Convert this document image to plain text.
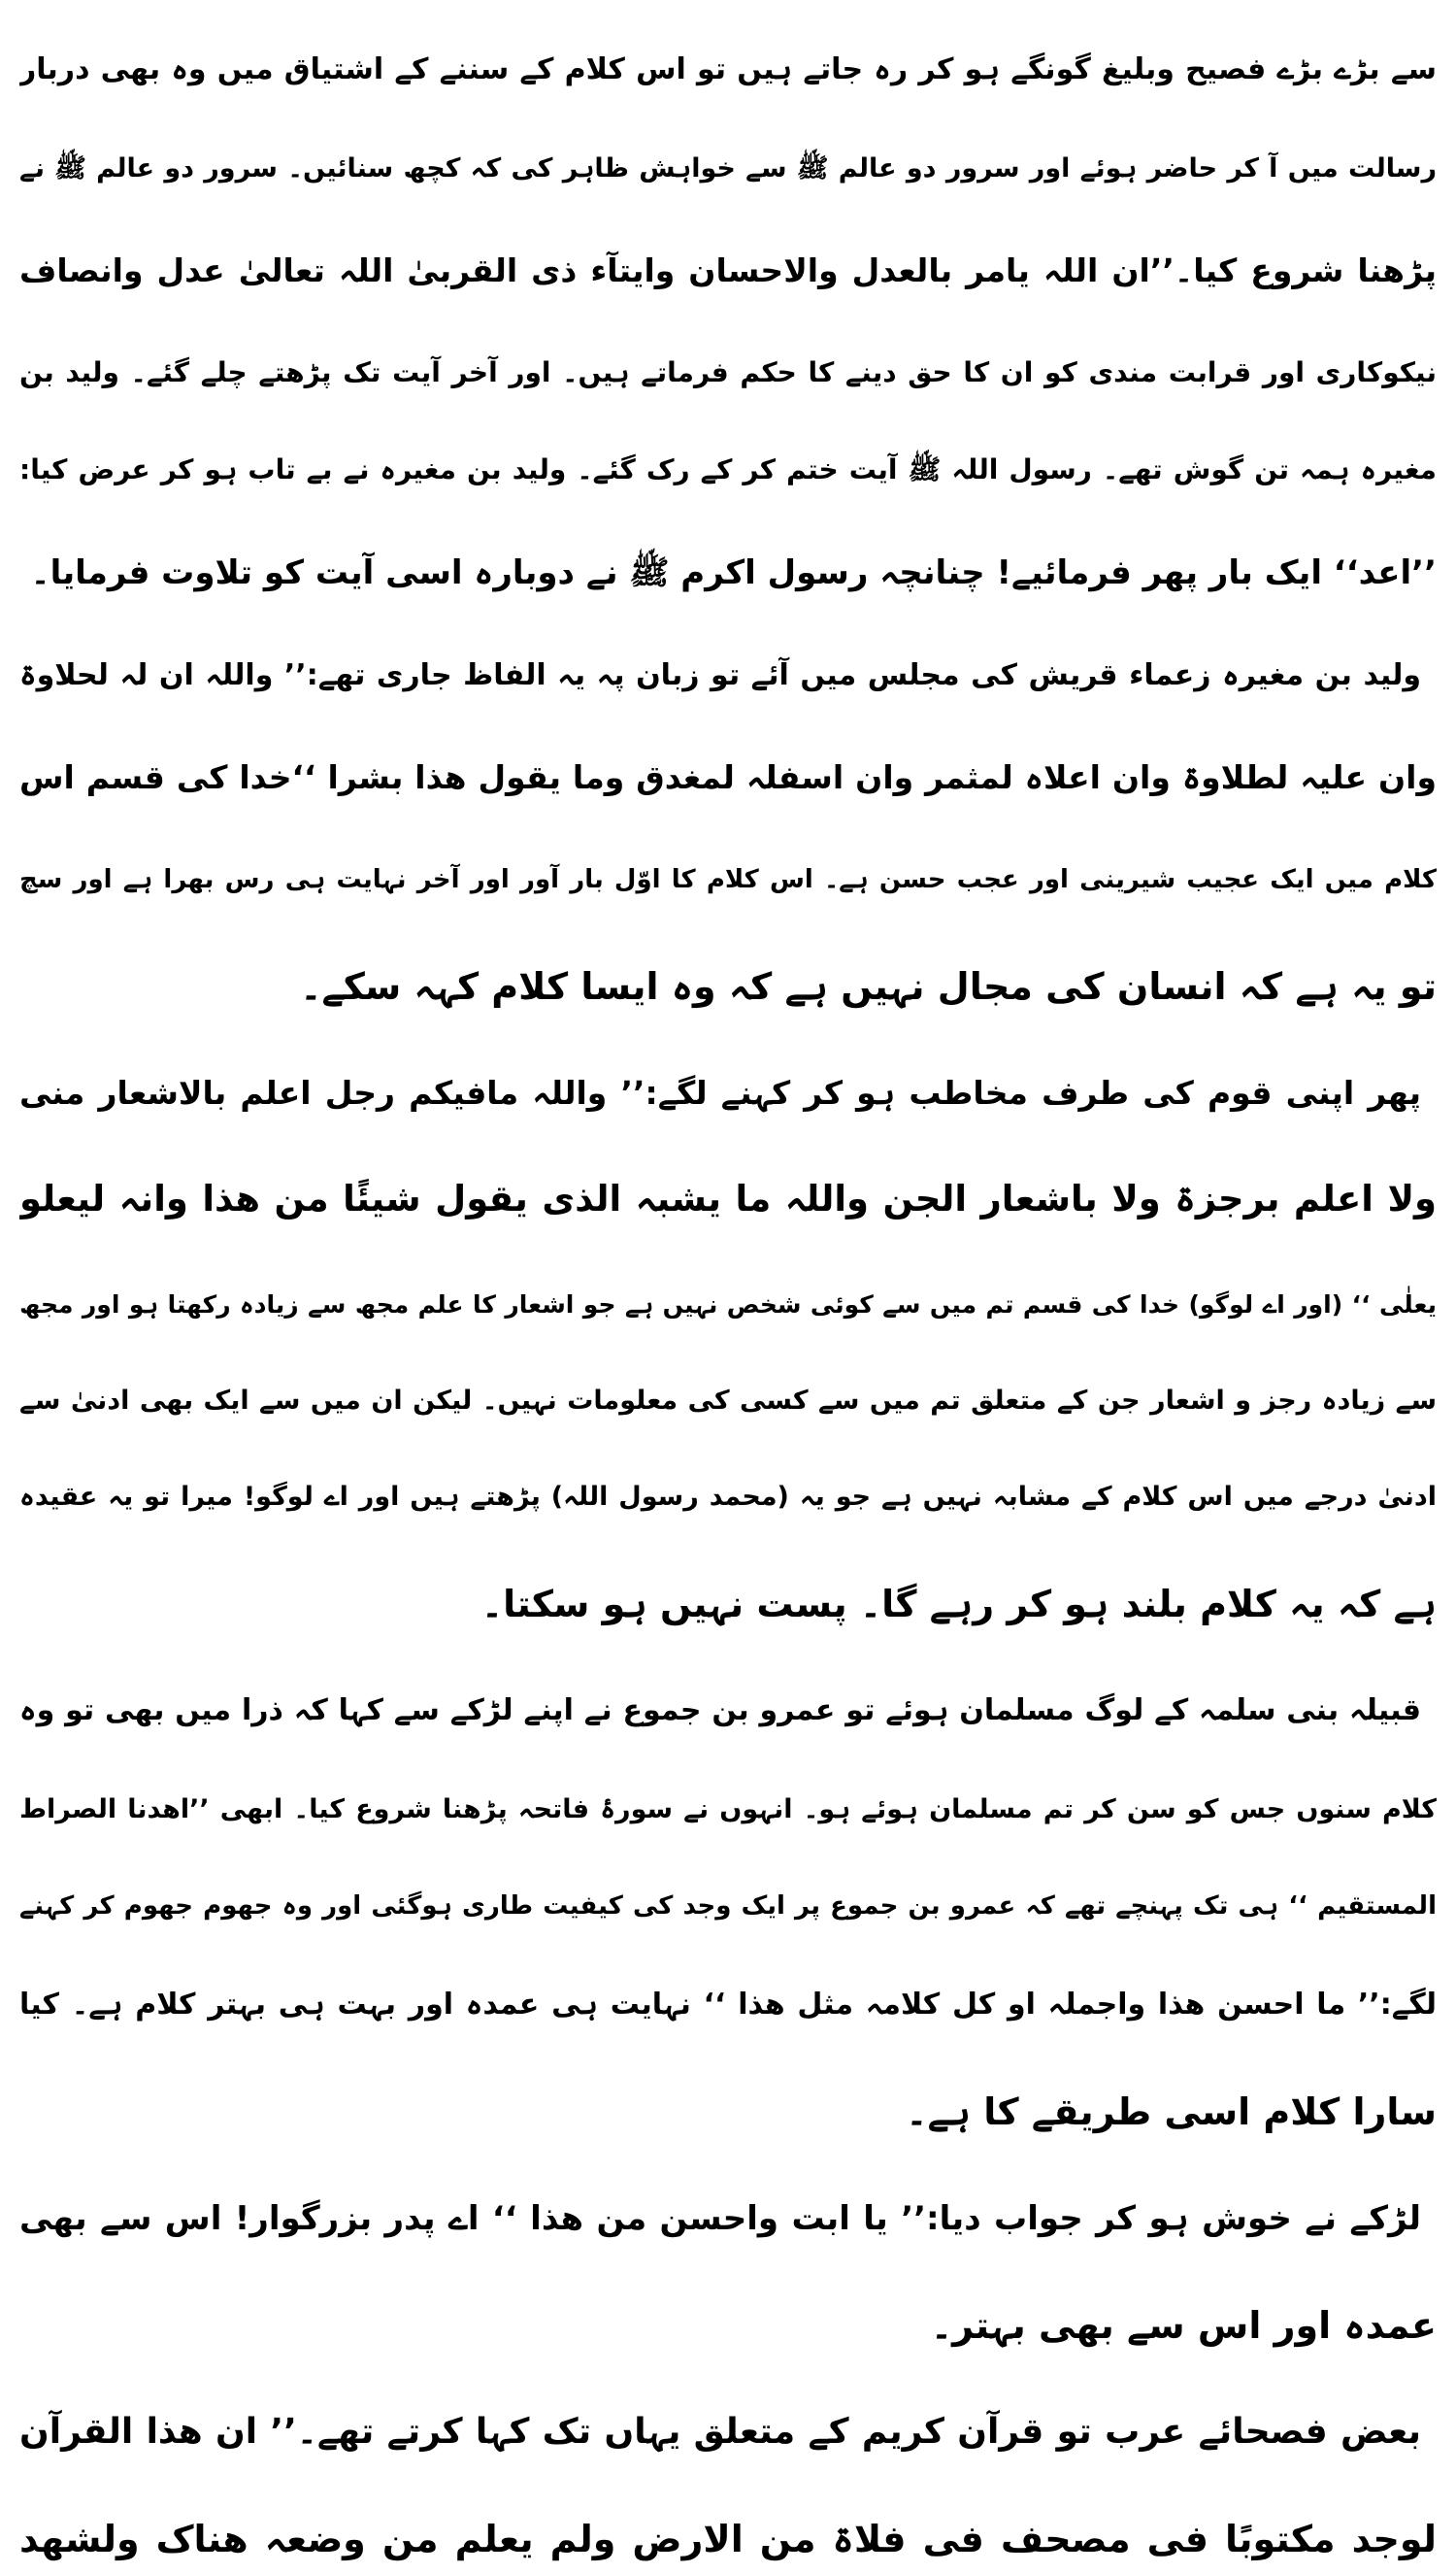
سے بڑے بڑے فصیح وبلیغ گونگے ہو کر رہ جاتے ہیں تو اس کلام کے سننے کے اشتیاق میں وہ بھی دربار

رسالت میں آ کر حاضر ہوئے اور سرور دو عالم ﷺ سے خواہش ظاہر کی کہ کچھ سنائیں۔ سرور دو عالم ﷺ نے

پڑھنا شروع کیا۔’’ان اللہ یامر بالعدل والاحسان وایتآء ذی القربیٰ اللہ تعالیٰ عدل وانصاف

نیکوکاری اور قرابت مندی کو ان کا حق دینے کا حکم فرماتے ہیں۔ اور آخر آیت تک پڑھتے چلے گئے۔ ولید بن

مغیرہ ہمہ تن گوش تھے۔ رسول اللہ ﷺ آیت ختم کر کے رک گئے۔ ولید بن مغیرہ نے بے تاب ہو کر عرض کیا:

’’اعد‘‘ ایک بار پھر فرمائیے! چنانچہ رسول اکرم ﷺ نے دوبارہ اسی آیت کو تلاوت فرمایا۔

ولید بن مغیرہ زعماء قریش کی مجلس میں آئے تو زبان پہ یہ الفاظ جاری تھے:’’ واللہ ان لہ لحلاوۃ

وان علیہ لطلاوۃ وان اعلاہ لمثمر وان اسفلہ لمغدق وما یقول ھذا بشرا ‘‘خدا کی قسم اس

کلام میں ایک عجیب شیرینی اور عجب حسن ہے۔ اس کلام کا اوّل بار آور اور آخر نہایت ہی رس بھرا ہے اور سچ

تو یہ ہے کہ انسان کی مجال نہیں ہے کہ وہ ایسا کلام کہہ سکے۔

پھر اپنی قوم کی طرف مخاطب ہو کر کہنے لگے:’’ واللہ مافیکم رجل اعلم بالاشعار منی

ولا اعلم برجزۃ ولا باشعار الجن واللہ ما یشبہ الذی یقول شیئًا من ھذا وانہ لیعلو

یعلٰی ‘‘ (اور اے لوگو) خدا کی قسم تم میں سے کوئی شخص نہیں ہے جو اشعار کا علم مجھ سے زیادہ رکھتا ہو اور مجھ

سے زیادہ رجز و اشعار جن کے متعلق تم میں سے کسی کی معلومات نہیں۔ لیکن ان میں سے ایک بھی ادنیٰ سے

ادنیٰ درجے میں اس کلام کے مشابہ نہیں ہے جو یہ (محمد رسول اللہ) پڑھتے ہیں اور اے لوگو! میرا تو یہ عقیدہ

ہے کہ یہ کلام بلند ہو کر رہے گا۔ پست نہیں ہو سکتا۔

قبیلہ بنی سلمہ کے لوگ مسلمان ہوئے تو عمرو بن جموع نے اپنے لڑکے سے کہا کہ ذرا میں بھی تو وہ

کلام سنوں جس کو سن کر تم مسلمان ہوئے ہو۔ انہوں نے سورۂ فاتحہ پڑھنا شروع کیا۔ ابھی ’’اھدنا الصراط

المستقیم ‘‘ ہی تک پہنچے تھے کہ عمرو بن جموع پر ایک وجد کی کیفیت طاری ہوگئی اور وہ جھوم جھوم کر کہنے

لگے:’’ ما احسن ھذا واجملہ او کل کلامہ مثل ھذا ‘‘ نہایت ہی عمدہ اور بہت ہی بہتر کلام ہے۔ کیا

سارا کلام اسی طریقے کا ہے۔

لڑکے نے خوش ہو کر جواب دیا:’’ یا ابت واحسن من ھذا ‘‘ اے پدر بزرگوار! اس سے بھی

عمدہ اور اس سے بھی بہتر۔

بعض فصحائے عرب تو قرآن کریم کے متعلق یہاں تک کہا کرتے تھے۔’’ ان ھذا القرآن

لوجد مکتوبًا فی مصحف فی فلاۃ من الارض ولم یعلم من وضعہ ھناک ولشھد
